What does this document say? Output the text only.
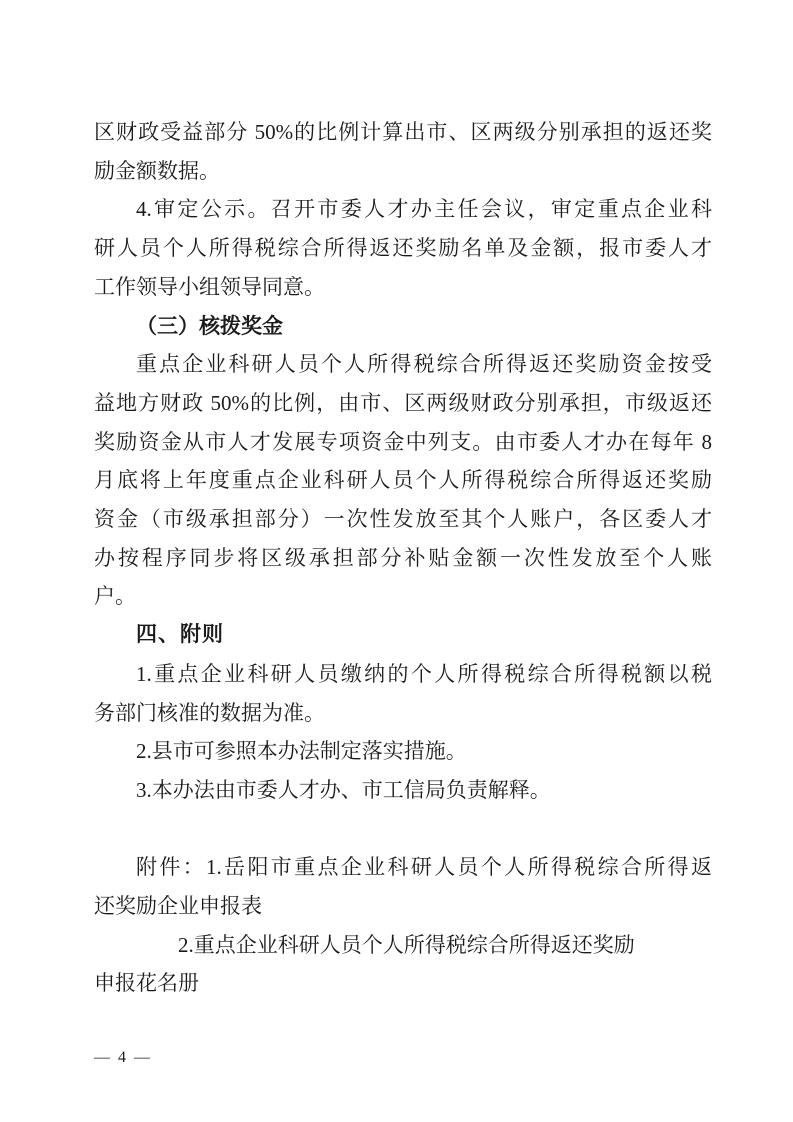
区财政受益部分 50%的比例计算出市、区两级分别承担的返还奖
励金额数据。
4.审定公示。召开市委人才办主任会议，审定重点企业科
研人员个人所得税综合所得返还奖励名单及金额，报市委人才
工作领导小组领导同意。
（三）核拨奖金
重点企业科研人员个人所得税综合所得返还奖励资金按受
益地方财政 50%的比例，由市、区两级财政分别承担，市级返还
奖励资金从市人才发展专项资金中列支。由市委人才办在每年 8
月底将上年度重点企业科研人员个人所得税综合所得返还奖励
资金（市级承担部分）一次性发放至其个人账户，各区委人才
办按程序同步将区级承担部分补贴金额一次性发放至个人账
户。
四、附则
1.重点企业科研人员缴纳的个人所得税综合所得税额以税
务部门核准的数据为准。
2.县市可参照本办法制定落实措施。
3.本办法由市委人才办、市工信局负责解释。
附件：1.岳阳市重点企业科研人员个人所得税综合所得返
还奖励企业申报表
2.重点企业科研人员个人所得税综合所得返还奖励
申报花名册
— 4 —
